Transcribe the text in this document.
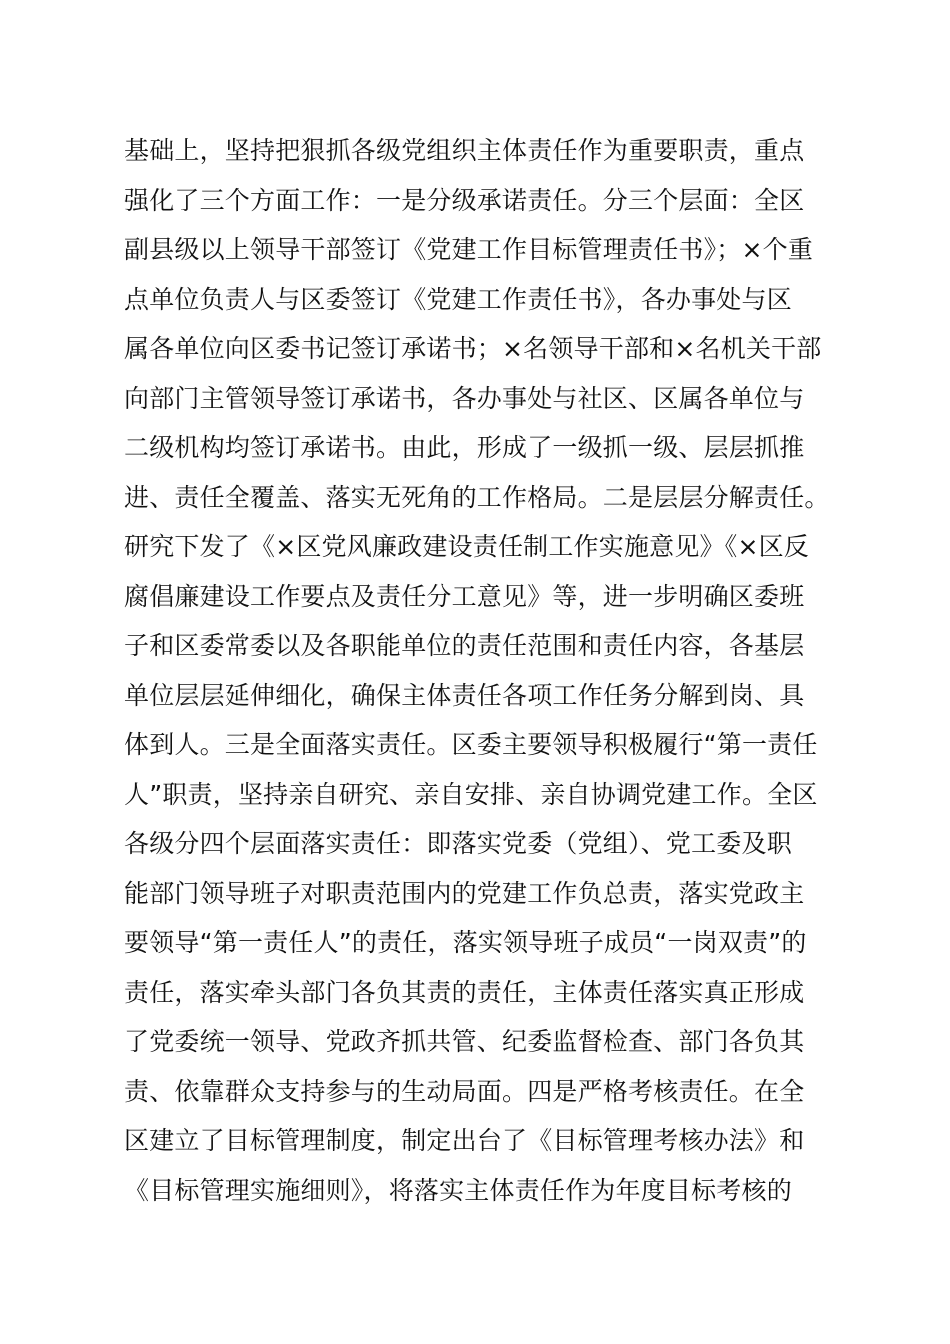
基础上，坚持把狠抓各级党组织主体责任作为重要职责，重点
强化了三个方面工作：一是分级承诺责任。分三个层面：全区
副县级以上领导干部签订《党建工作目标管理责任书》；×个重
点单位负责人与区委签订《党建工作责任书》，各办事处与区
属各单位向区委书记签订承诺书；×名领导干部和×名机关干部
向部门主管领导签订承诺书，各办事处与社区、区属各单位与
二级机构均签订承诺书。由此，形成了一级抓一级、层层抓推
进、责任全覆盖、落实无死角的工作格局。二是层层分解责任。
研究下发了《×区党风廉政建设责任制工作实施意见》《×区反
腐倡廉建设工作要点及责任分工意见》等，进一步明确区委班
子和区委常委以及各职能单位的责任范围和责任内容，各基层
单位层层延伸细化，确保主体责任各项工作任务分解到岗、具
体到人。三是全面落实责任。区委主要领导积极履行“第一责任
人”职责，坚持亲自研究、亲自安排、亲自协调党建工作。全区
各级分四个层面落实责任：即落实党委（党组）、党工委及职
能部门领导班子对职责范围内的党建工作负总责，落实党政主
要领导“第一责任人”的责任，落实领导班子成员“一岗双责”的
责任，落实牵头部门各负其责的责任，主体责任落实真正形成
了党委统一领导、党政齐抓共管、纪委监督检查、部门各负其
责、依靠群众支持参与的生动局面。四是严格考核责任。在全
区建立了目标管理制度，制定出台了《目标管理考核办法》和
《目标管理实施细则》，将落实主体责任作为年度目标考核的
